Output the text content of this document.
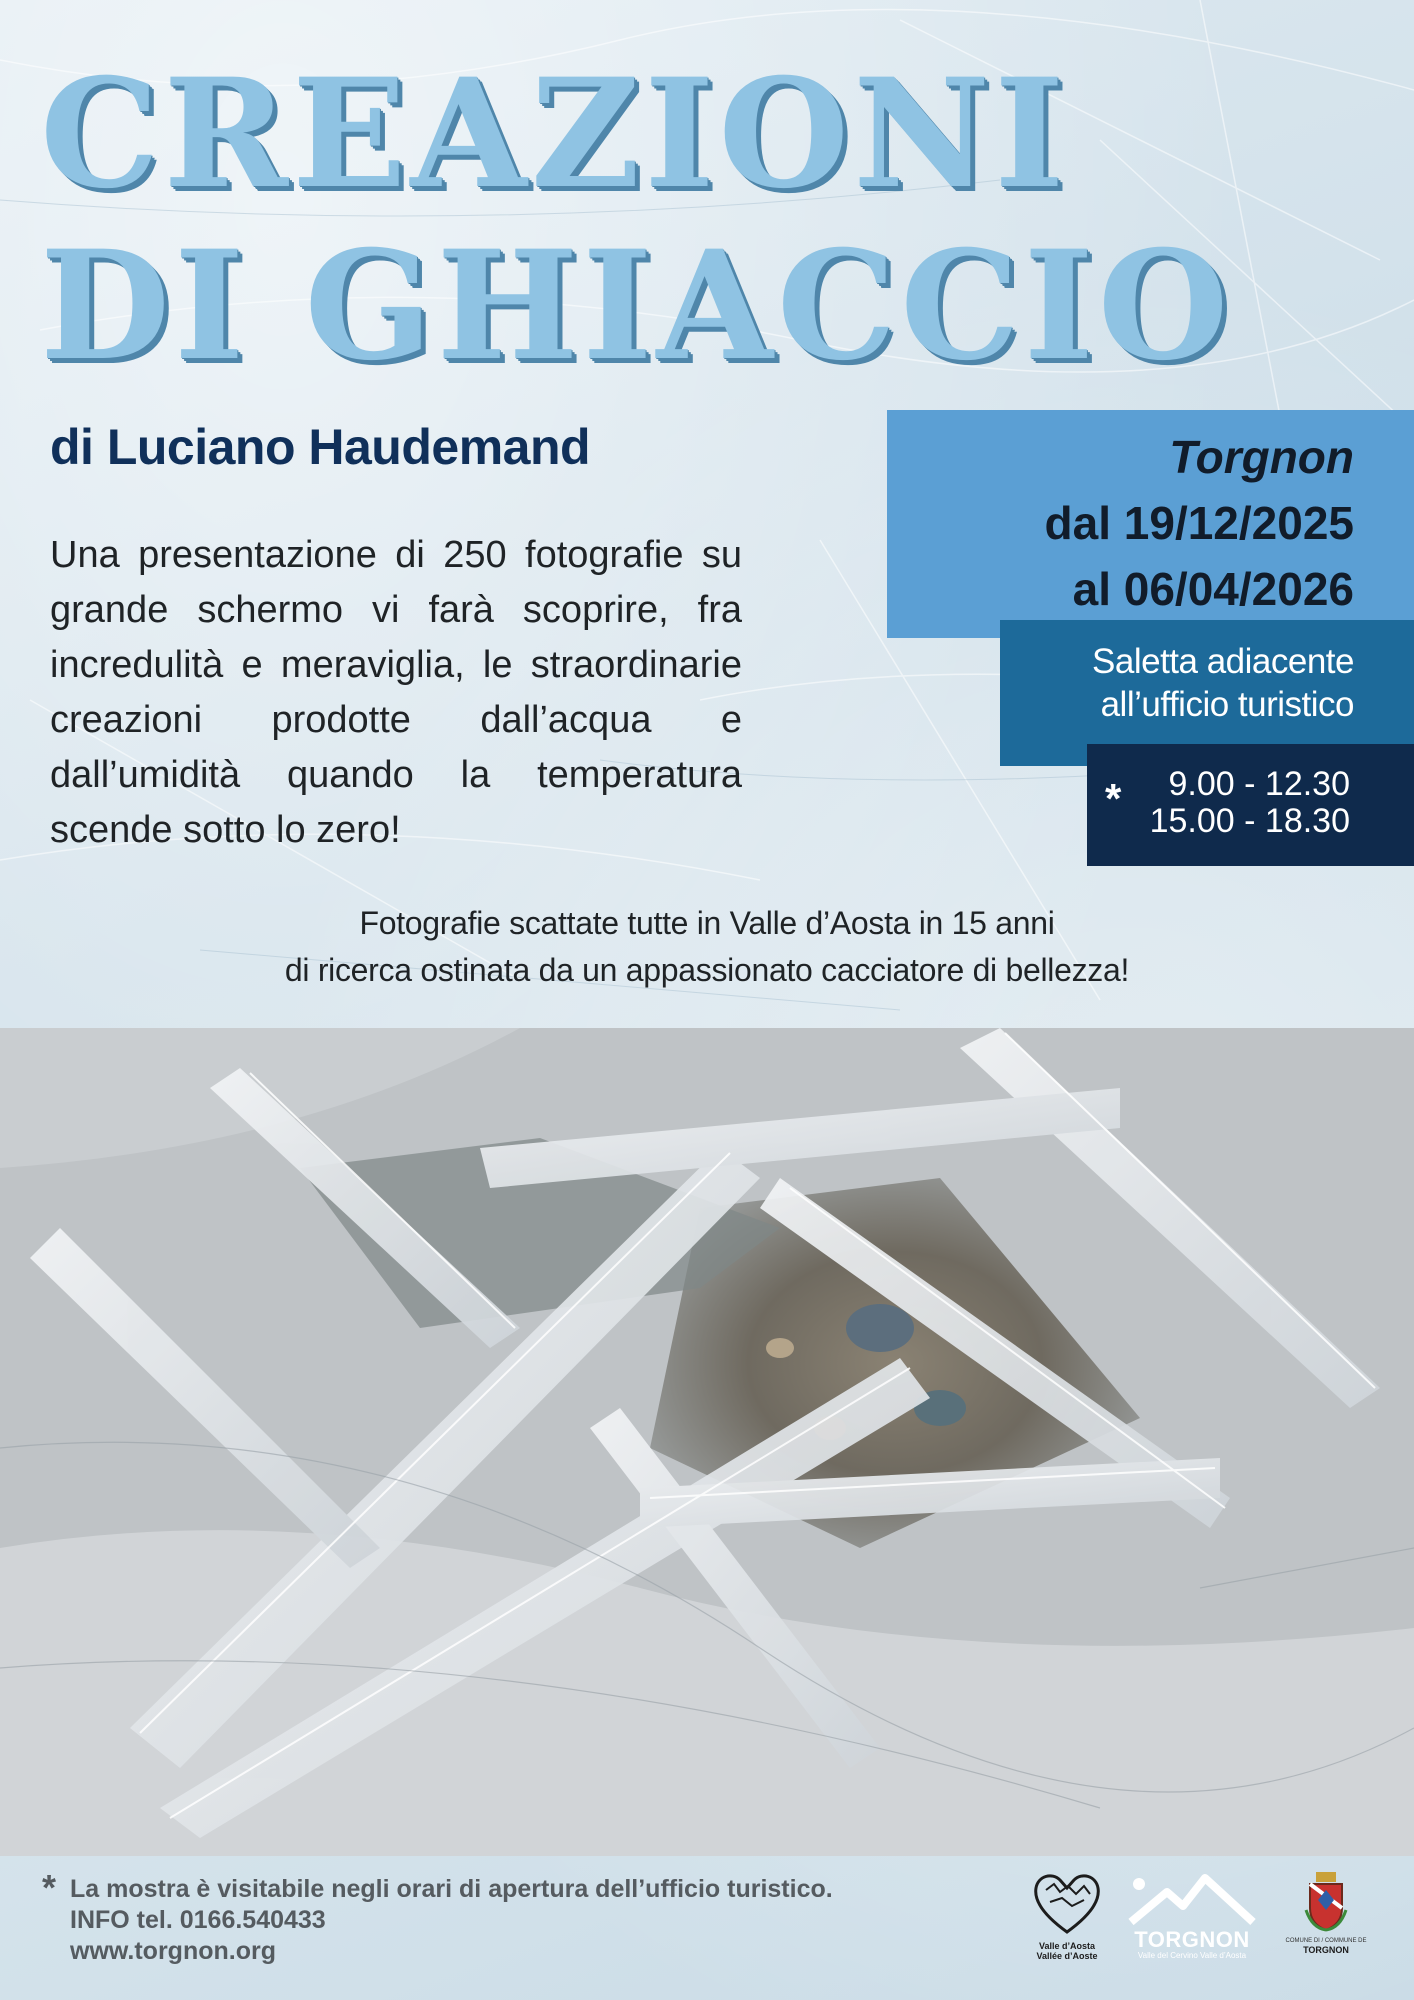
CREAZIONI
DI GHIACCIO
di Luciano Haudemand

Una presentazione di 250 fotografie su grande schermo vi farà scoprire, fra incredulità e meraviglia, le straordinarie creazioni prodotte dall’acqua e dall’umidità quando la temperatura scende sotto lo zero!

Torgnon
dal 19/12/2025
al 06/04/2026
Saletta adiacente
all’ufficio turistico
*	9.00 - 12.30
15.00 - 18.30

Fotografie scattate tutte in Valle d’Aosta in 15 anni
di ricerca ostinata da un appassionato cacciatore di bellezza!

* La mostra è visitabile negli orari di apertura dell’ufficio turistico.
INFO tel. 0166.540433
www.torgnon.org	Valle d’Aosta
Vallée d’Aoste
TORGNON
Valle del Cervino Valle d’Aosta
COMUNE DI / COMMUNE DE
TORGNON
